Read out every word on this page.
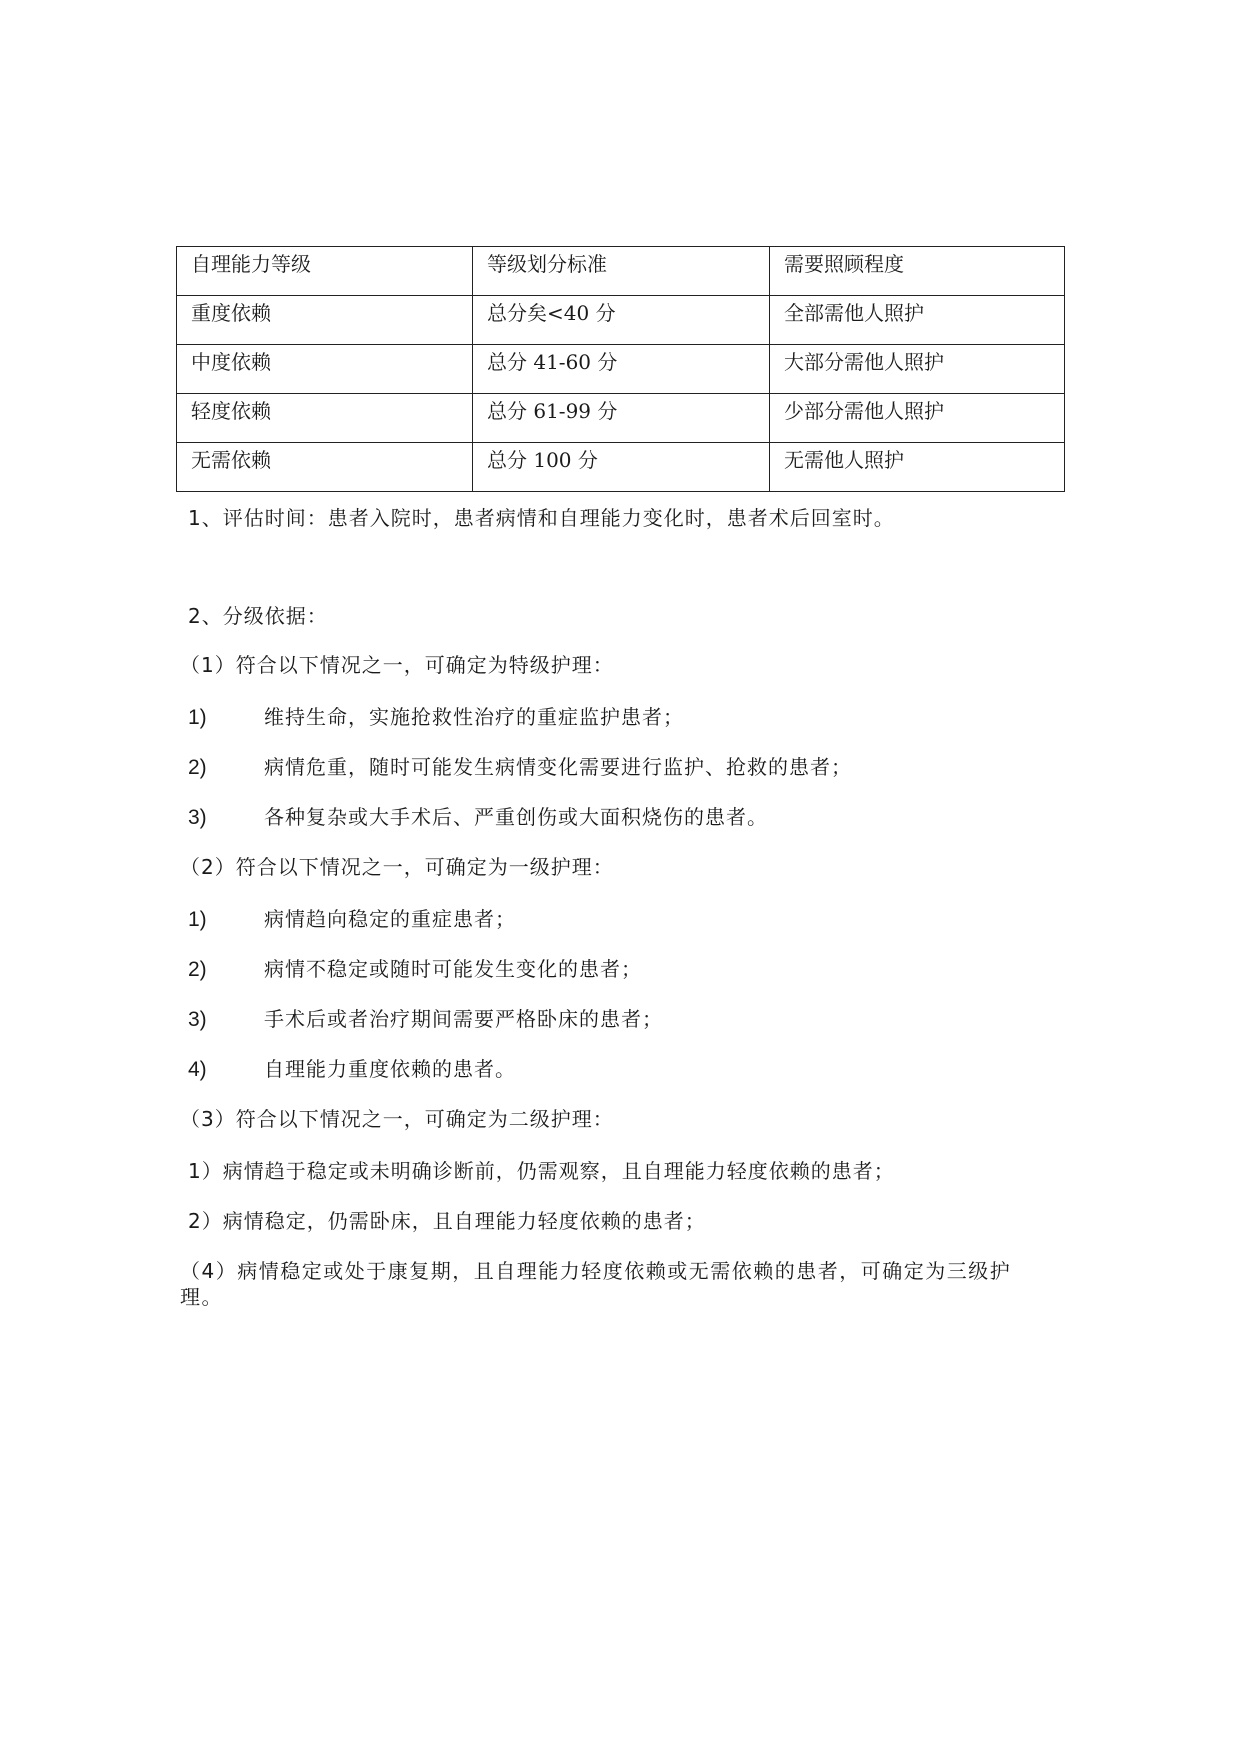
自理能力等级	等级划分标准	需要照顾程度
重度依赖	总分矣<40 分	全部需他人照护
中度依赖	总分 41-60 分	大部分需他人照护
轻度依赖	总分 61-99 分	少部分需他人照护
无需依赖	总分 100 分	无需他人照护
1、评估时间：患者入院时，患者病情和自理能力变化时，患者术后回室时。
2、分级依据：
（1）符合以下情况之一，可确定为特级护理：
1)	维持生命，实施抢救性治疗的重症监护患者；
2)	病情危重，随时可能发生病情变化需要进行监护、抢救的患者；
3)	各种复杂或大手术后、严重创伤或大面积烧伤的患者。
（2）符合以下情况之一，可确定为一级护理：
1)	病情趋向稳定的重症患者；
2)	病情不稳定或随时可能发生变化的患者；
3)	手术后或者治疗期间需要严格卧床的患者；
4)	自理能力重度依赖的患者。
（3）符合以下情况之一，可确定为二级护理：
1）病情趋于稳定或未明确诊断前，仍需观察，且自理能力轻度依赖的患者；
2）病情稳定，仍需卧床，且自理能力轻度依赖的患者；
（4）病情稳定或处于康复期，且自理能力轻度依赖或无需依赖的患者，可确定为三级护理。
